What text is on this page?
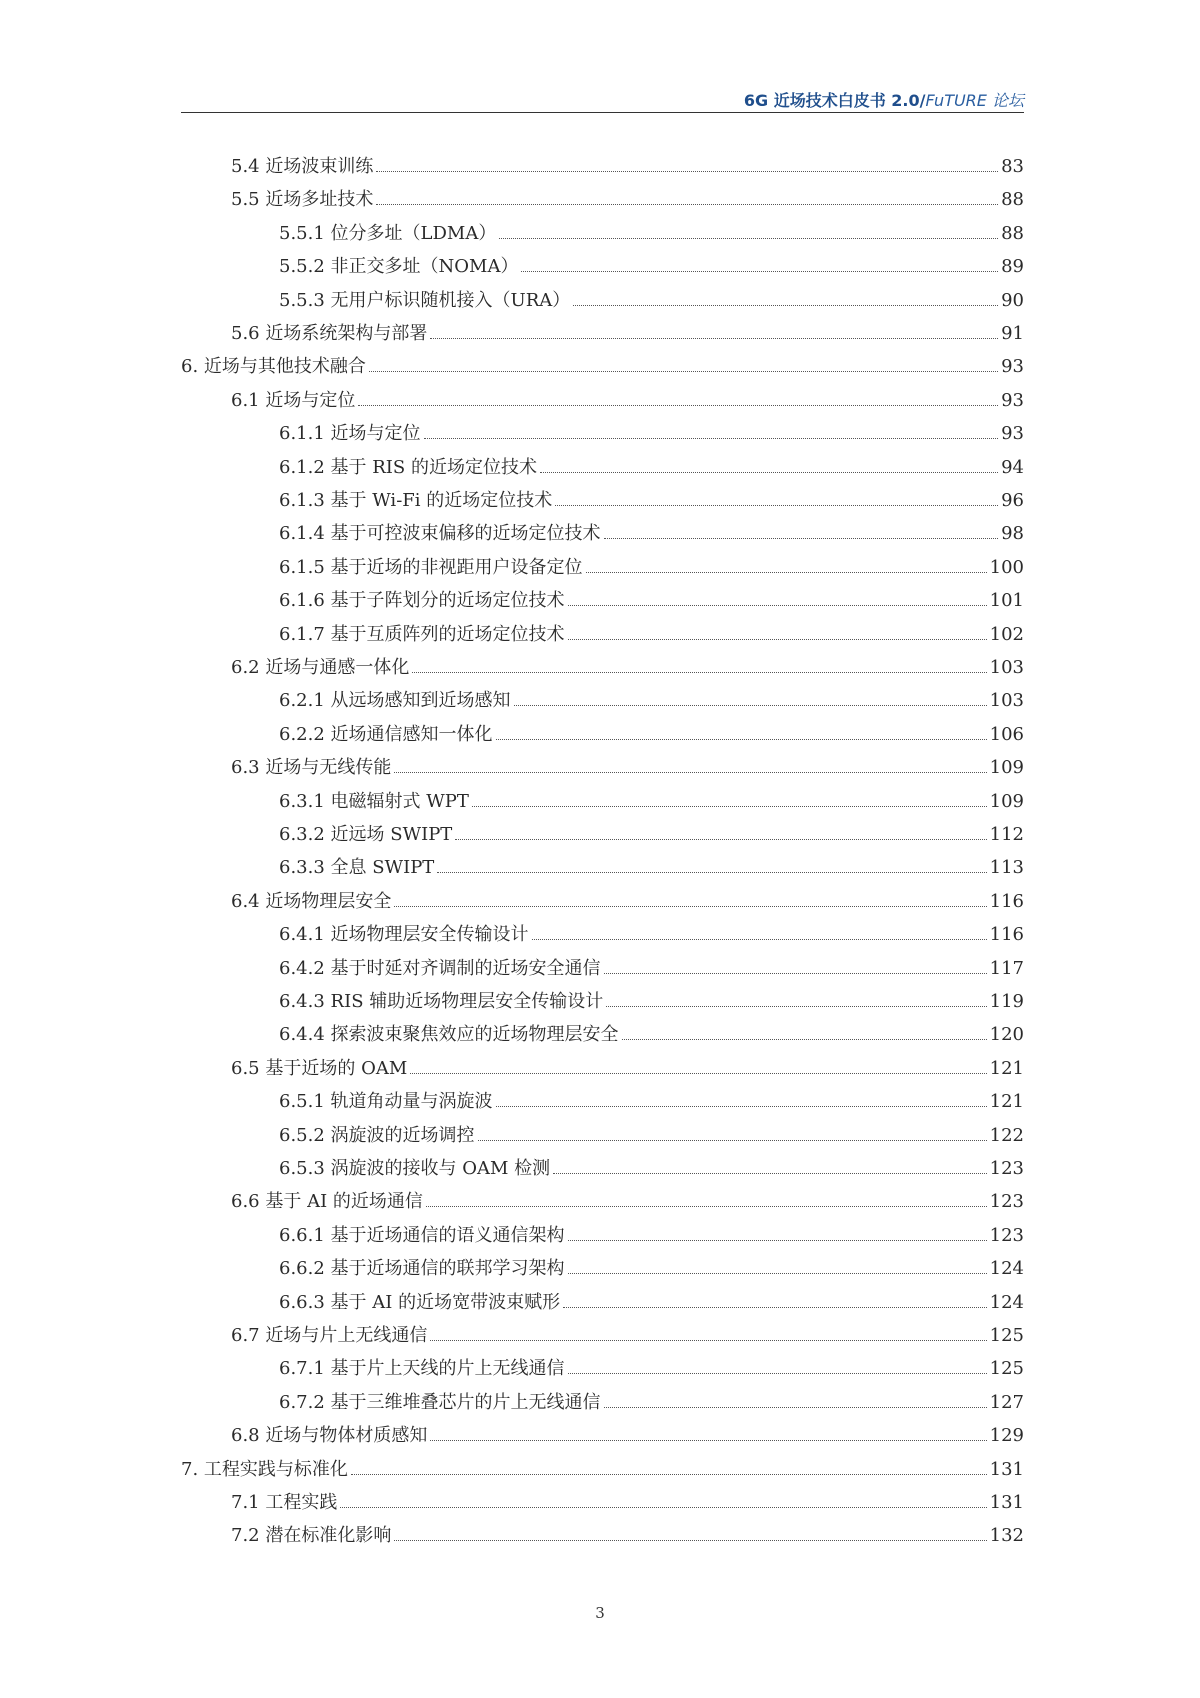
6G 近场技术白皮书 2.0/FuTURE 论坛
5.4 近场波束训练	83
5.5 近场多址技术	88
5.5.1 位分多址（LDMA）	88
5.5.2 非正交多址（NOMA）	89
5.5.3 无用户标识随机接入（URA）	90
5.6 近场系统架构与部署	91
6. 近场与其他技术融合	93
6.1 近场与定位	93
6.1.1 近场与定位	93
6.1.2 基于 RIS 的近场定位技术	94
6.1.3 基于 Wi-Fi 的近场定位技术	96
6.1.4 基于可控波束偏移的近场定位技术	98
6.1.5 基于近场的非视距用户设备定位	100
6.1.6 基于子阵划分的近场定位技术	101
6.1.7 基于互质阵列的近场定位技术	102
6.2 近场与通感一体化	103
6.2.1 从远场感知到近场感知	103
6.2.2 近场通信感知一体化	106
6.3 近场与无线传能	109
6.3.1 电磁辐射式 WPT	109
6.3.2 近远场 SWIPT	112
6.3.3 全息 SWIPT	113
6.4 近场物理层安全	116
6.4.1 近场物理层安全传输设计	116
6.4.2 基于时延对齐调制的近场安全通信	117
6.4.3 RIS 辅助近场物理层安全传输设计	119
6.4.4 探索波束聚焦效应的近场物理层安全	120
6.5 基于近场的 OAM	121
6.5.1 轨道角动量与涡旋波	121
6.5.2 涡旋波的近场调控	122
6.5.3 涡旋波的接收与 OAM 检测	123
6.6 基于 AI 的近场通信	123
6.6.1 基于近场通信的语义通信架构	123
6.6.2 基于近场通信的联邦学习架构	124
6.6.3 基于 AI 的近场宽带波束赋形	124
6.7 近场与片上无线通信	125
6.7.1 基于片上天线的片上无线通信	125
6.7.2 基于三维堆叠芯片的片上无线通信	127
6.8 近场与物体材质感知	129
7. 工程实践与标准化	131
7.1 工程实践	131
7.2 潜在标准化影响	132
3
